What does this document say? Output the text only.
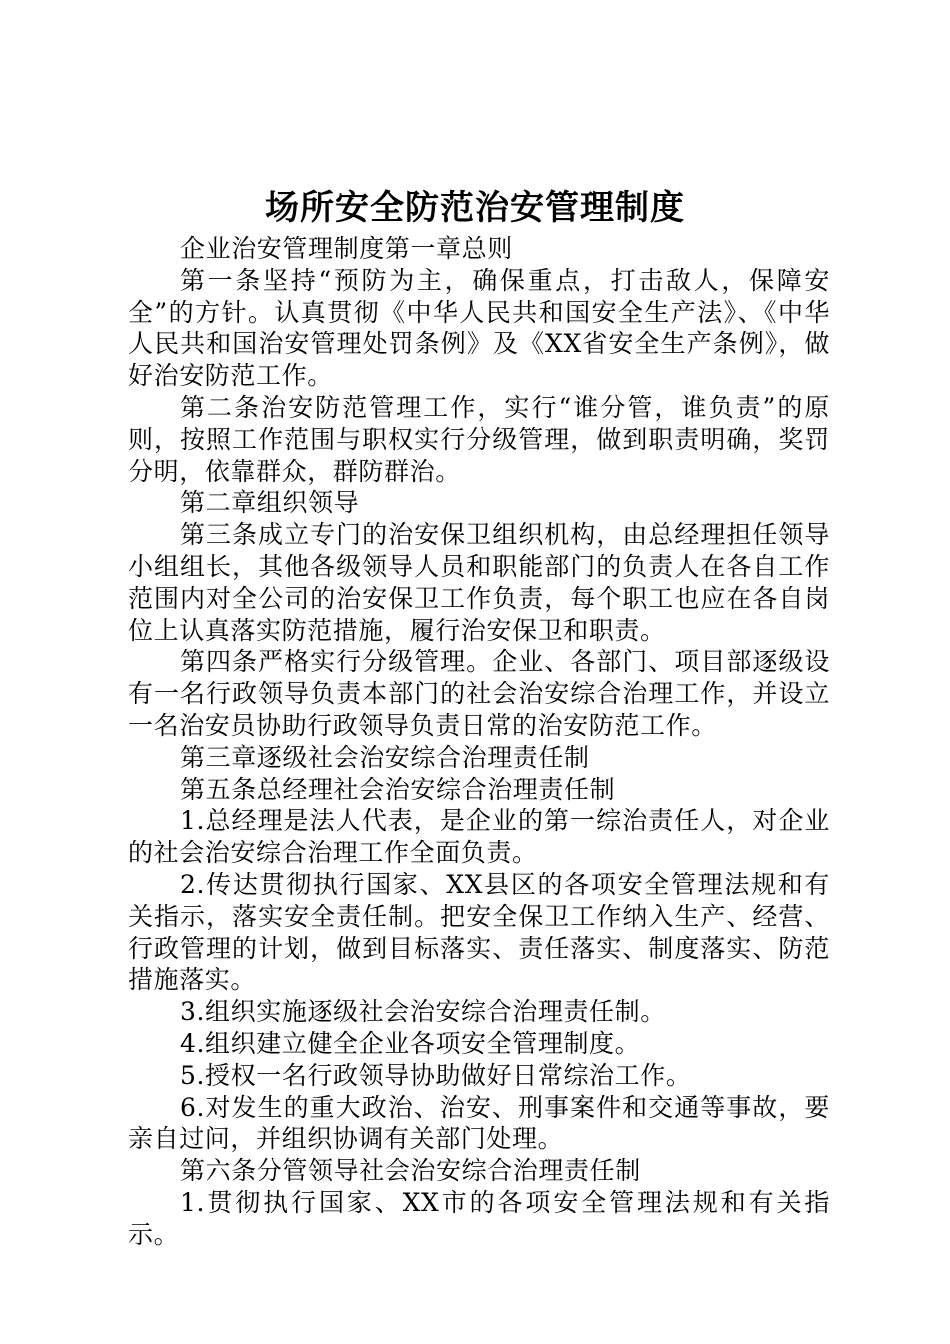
场所安全防范治安管理制度

企业治安管理制度第一章总则

第一条坚持“预防为主，确保重点，打击敌人，保障安全”的方针。认真贯彻《中华人民共和国安全生产法》、《中华人民共和国治安管理处罚条例》及《XX省安全生产条例》，做好治安防范工作。

第二条治安防范管理工作，实行“谁分管，谁负责”的原则，按照工作范围与职权实行分级管理，做到职责明确，奖罚分明，依靠群众，群防群治。

第二章组织领导

第三条成立专门的治安保卫组织机构，由总经理担任领导小组组长，其他各级领导人员和职能部门的负责人在各自工作范围内对全公司的治安保卫工作负责，每个职工也应在各自岗位上认真落实防范措施，履行治安保卫和职责。

第四条严格实行分级管理。企业、各部门、项目部逐级设有一名行政领导负责本部门的社会治安综合治理工作，并设立一名治安员协助行政领导负责日常的治安防范工作。

第三章逐级社会治安综合治理责任制

第五条总经理社会治安综合治理责任制

1.总经理是法人代表，是企业的第一综治责任人，对企业的社会治安综合治理工作全面负责。

2.传达贯彻执行国家、XX县区的各项安全管理法规和有关指示，落实安全责任制。把安全保卫工作纳入生产、经营、行政管理的计划，做到目标落实、责任落实、制度落实、防范措施落实。

3.组织实施逐级社会治安综合治理责任制。

4.组织建立健全企业各项安全管理制度。

5.授权一名行政领导协助做好日常综治工作。

6.对发生的重大政治、治安、刑事案件和交通等事故，要亲自过问，并组织协调有关部门处理。

第六条分管领导社会治安综合治理责任制

1.贯彻执行国家、XX市的各项安全管理法规和有关指示。
